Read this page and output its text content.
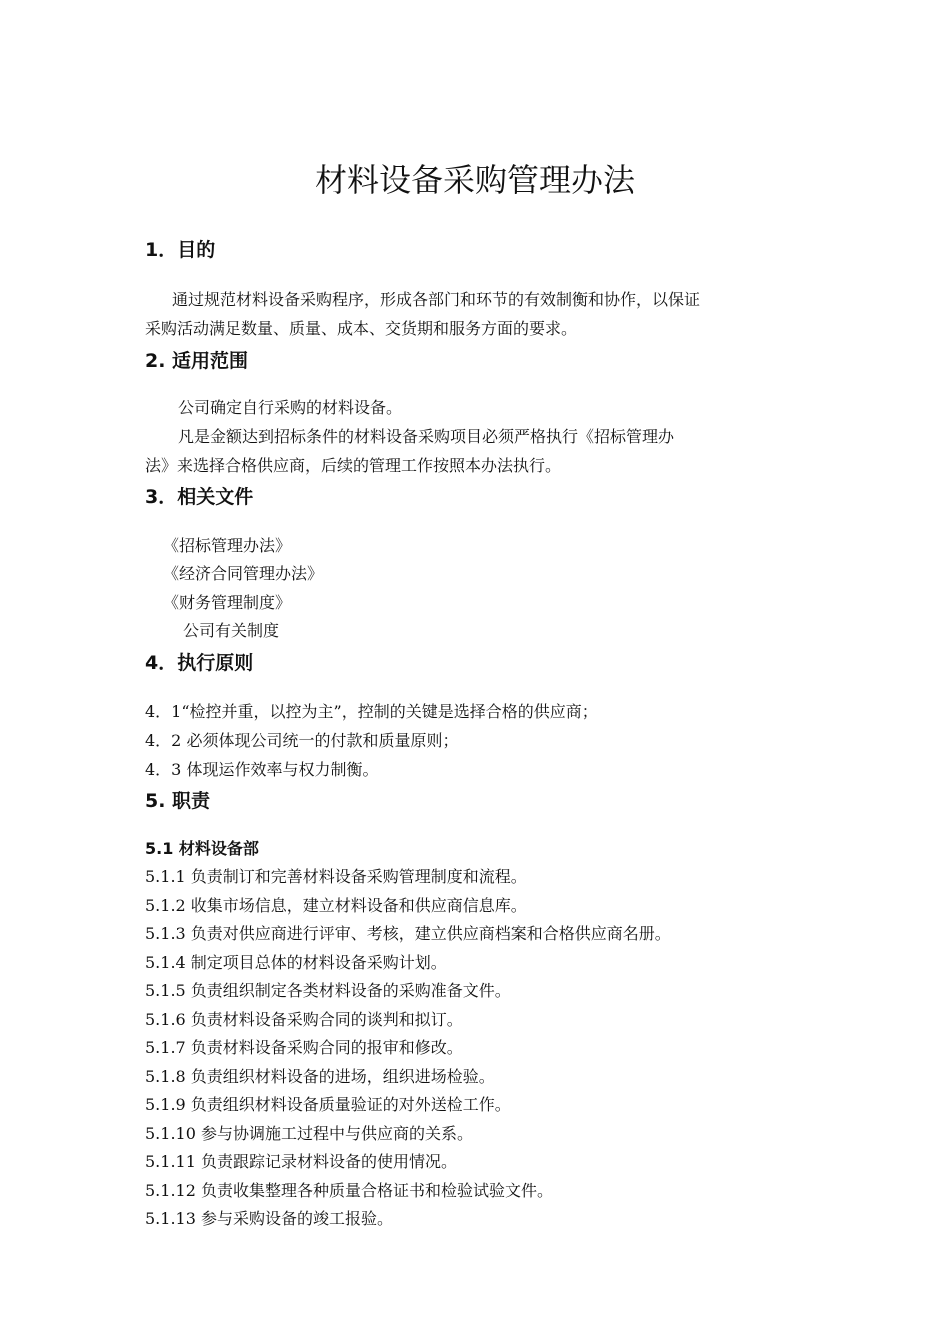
材料设备采购管理办法
1．目的
通过规范材料设备采购程序，形成各部门和环节的有效制衡和协作，以保证
采购活动满足数量、质量、成本、交货期和服务方面的要求。
2. 适用范围
公司确定自行采购的材料设备。
凡是金额达到招标条件的材料设备采购项目必须严格执行《招标管理办
法》来选择合格供应商，后续的管理工作按照本办法执行。
3．相关文件
《招标管理办法》
《经济合同管理办法》
《财务管理制度》
公司有关制度
4．执行原则
4．1“检控并重，以控为主”，控制的关键是选择合格的供应商；
4．2 必须体现公司统一的付款和质量原则；
4．3 体现运作效率与权力制衡。
5. 职责
5.1 材料设备部
5.1.1 负责制订和完善材料设备采购管理制度和流程。
5.1.2 收集市场信息，建立材料设备和供应商信息库。
5.1.3 负责对供应商进行评审、考核，建立供应商档案和合格供应商名册。
5.1.4 制定项目总体的材料设备采购计划。
5.1.5 负责组织制定各类材料设备的采购准备文件。
5.1.6 负责材料设备采购合同的谈判和拟订。
5.1.7 负责材料设备采购合同的报审和修改。
5.1.8 负责组织材料设备的进场，组织进场检验。
5.1.9 负责组织材料设备质量验证的对外送检工作。
5.1.10 参与协调施工过程中与供应商的关系。
5.1.11 负责跟踪记录材料设备的使用情况。
5.1.12 负责收集整理各种质量合格证书和检验试验文件。
5.1.13 参与采购设备的竣工报验。
